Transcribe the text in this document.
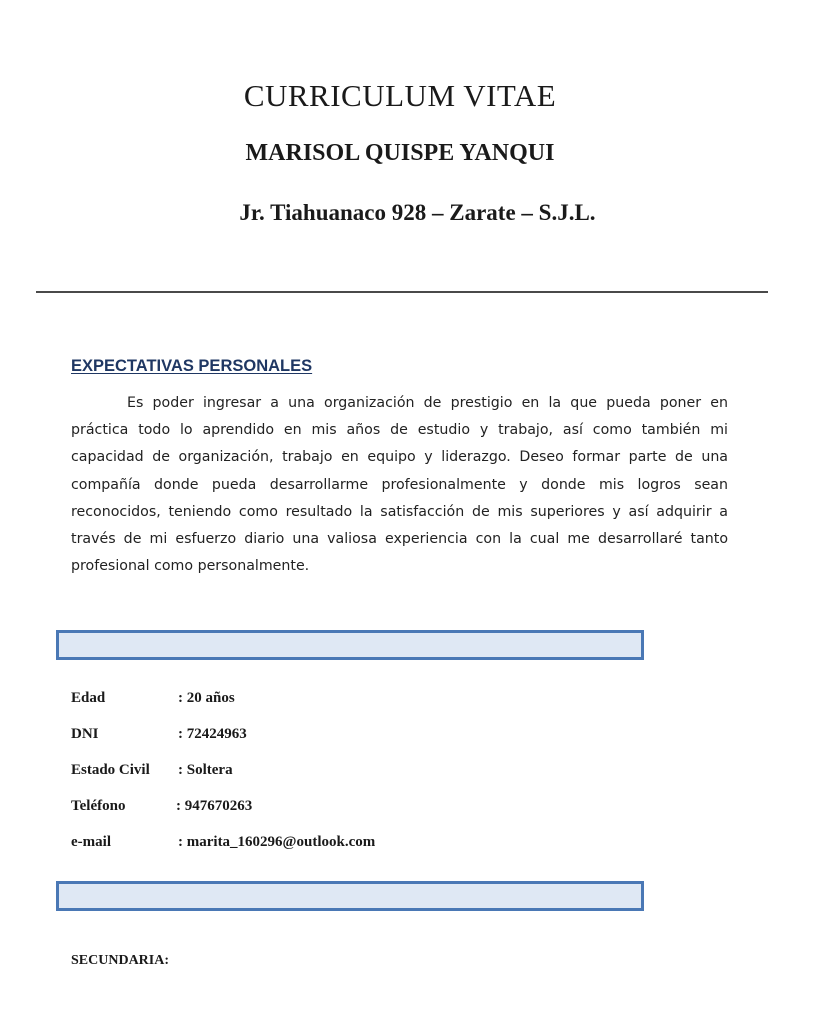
CURRICULUM VITAE
MARISOL QUISPE YANQUI
Jr. Tiahuanaco 928 – Zarate – S.J.L.
EXPECTATIVAS PERSONALES
Es poder ingresar a una organización de prestigio en la que pueda poner en práctica todo lo aprendido en mis años de estudio y trabajo, así como también mi capacidad de organización, trabajo en equipo y liderazgo. Deseo formar parte de una compañía donde pueda desarrollarme profesionalmente y donde mis logros sean reconocidos, teniendo como resultado la satisfacción de mis superiores y así adquirir a través de mi esfuerzo diario una valiosa experiencia con la cual me desarrollaré tanto profesional como personalmente.
Edad	: 20 años
DNI	: 72424963
Estado Civil : Soltera
Teléfono	: 947670263
e-mail	: marita_160296@outlook.com
SECUNDARIA:
